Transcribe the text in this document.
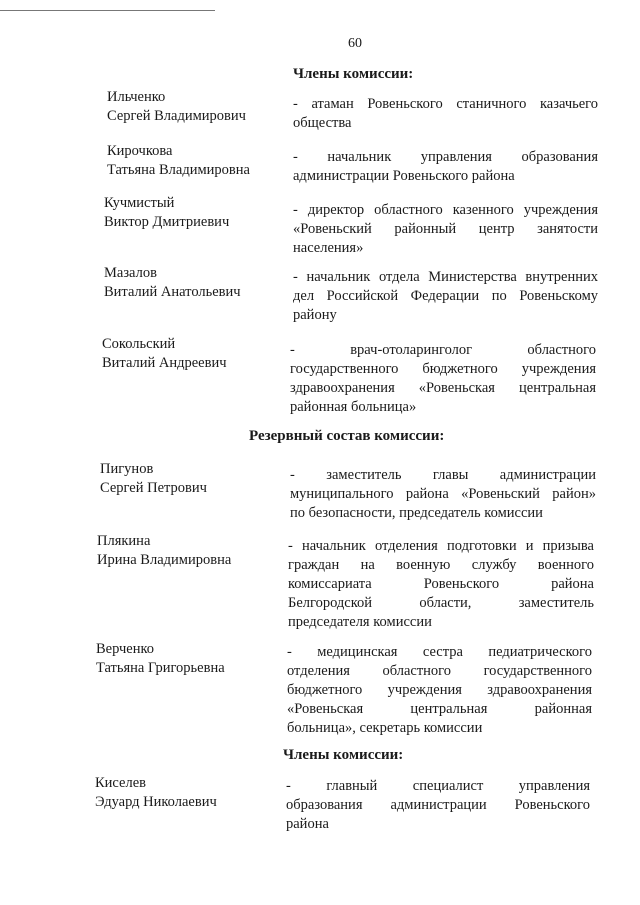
60
Члены комиссии:
Ильченко
Сергей Владимирович
- атаман Ровеньского станичного казачьего
общества
Кирочкова
Татьяна Владимировна
- начальник управления образования
администрации Ровеньского района
Кучмистый
Виктор Дмитриевич
- директор областного казенного учреждения
«Ровеньский районный центр занятости
населения»
Мазалов
Виталий Анатольевич
- начальник отдела Министерства внутренних
дел Российской Федерации по Ровеньскому
району
Сокольский
Виталий Андреевич
- врач-отоларинголог областного
государственного бюджетного учреждения
здравоохранения «Ровеньская центральная
районная больница»
Резервный состав комиссии:
Пигунов
Сергей Петрович
- заместитель главы администрации
муниципального района «Ровеньский район»
по безопасности, председатель комиссии
Плякина
Ирина Владимировна
- начальник отделения подготовки и призыва
граждан на военную службу военного
комиссариата Ровеньского района
Белгородской области, заместитель
председателя комиссии
Верченко
Татьяна Григорьевна
- медицинская сестра педиатрического
отделения областного государственного
бюджетного учреждения здравоохранения
«Ровеньская центральная районная
больница», секретарь комиссии
Члены комиссии:
Киселев
Эдуард Николаевич
- главный специалист управления
образования администрации Ровеньского
района
